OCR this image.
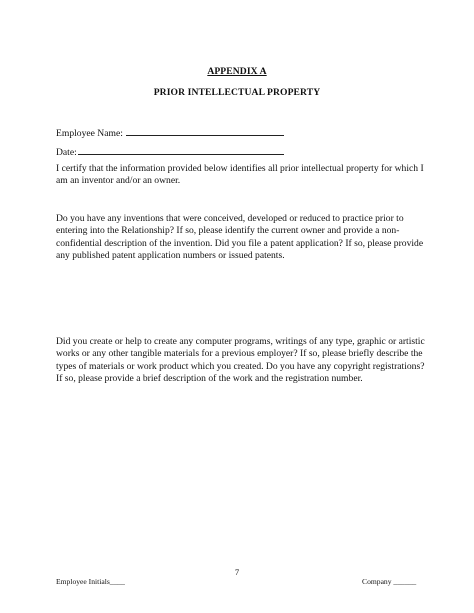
APPENDIX A
PRIOR INTELLECTUAL PROPERTY
Employee Name:
Date:
I certify that the information provided below identifies all prior intellectual property for which I
am an inventor and/or an owner.
Do you have any inventions that were conceived, developed or reduced to practice prior to
entering into the Relationship? If so, please identify the current owner and provide a non-
confidential description of the invention. Did you file a patent application? If so, please provide
any published patent application numbers or issued patents.
Did you create or help to create any computer programs, writings of any type, graphic or artistic
works or any other tangible materials for a previous employer? If so, please briefly describe the
types of materials or work product which you created. Do you have any copyright registrations?
If so, please provide a brief description of the work and the registration number.
7
Employee Initials____	Company ______
